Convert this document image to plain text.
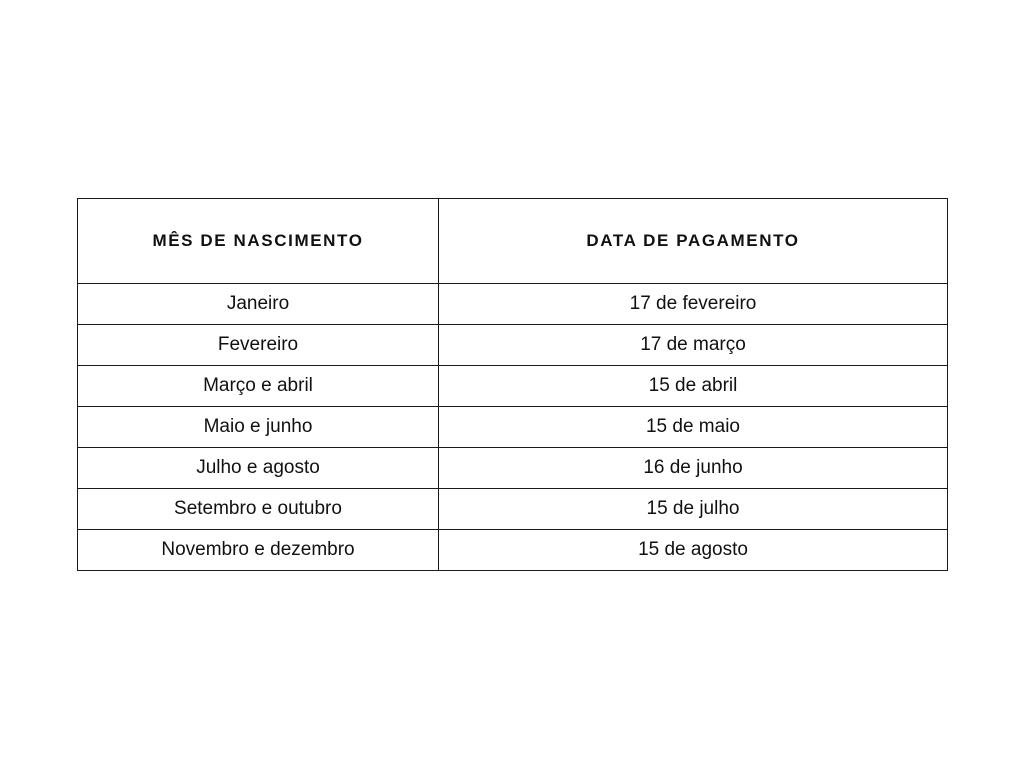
MÊS DE NASCIMENTO	DATA DE PAGAMENTO
Janeiro	17 de fevereiro
Fevereiro	17 de março
Março e abril	15 de abril
Maio e junho	15 de maio
Julho e agosto	16 de junho
Setembro e outubro	15 de julho
Novembro e dezembro	15 de agosto
